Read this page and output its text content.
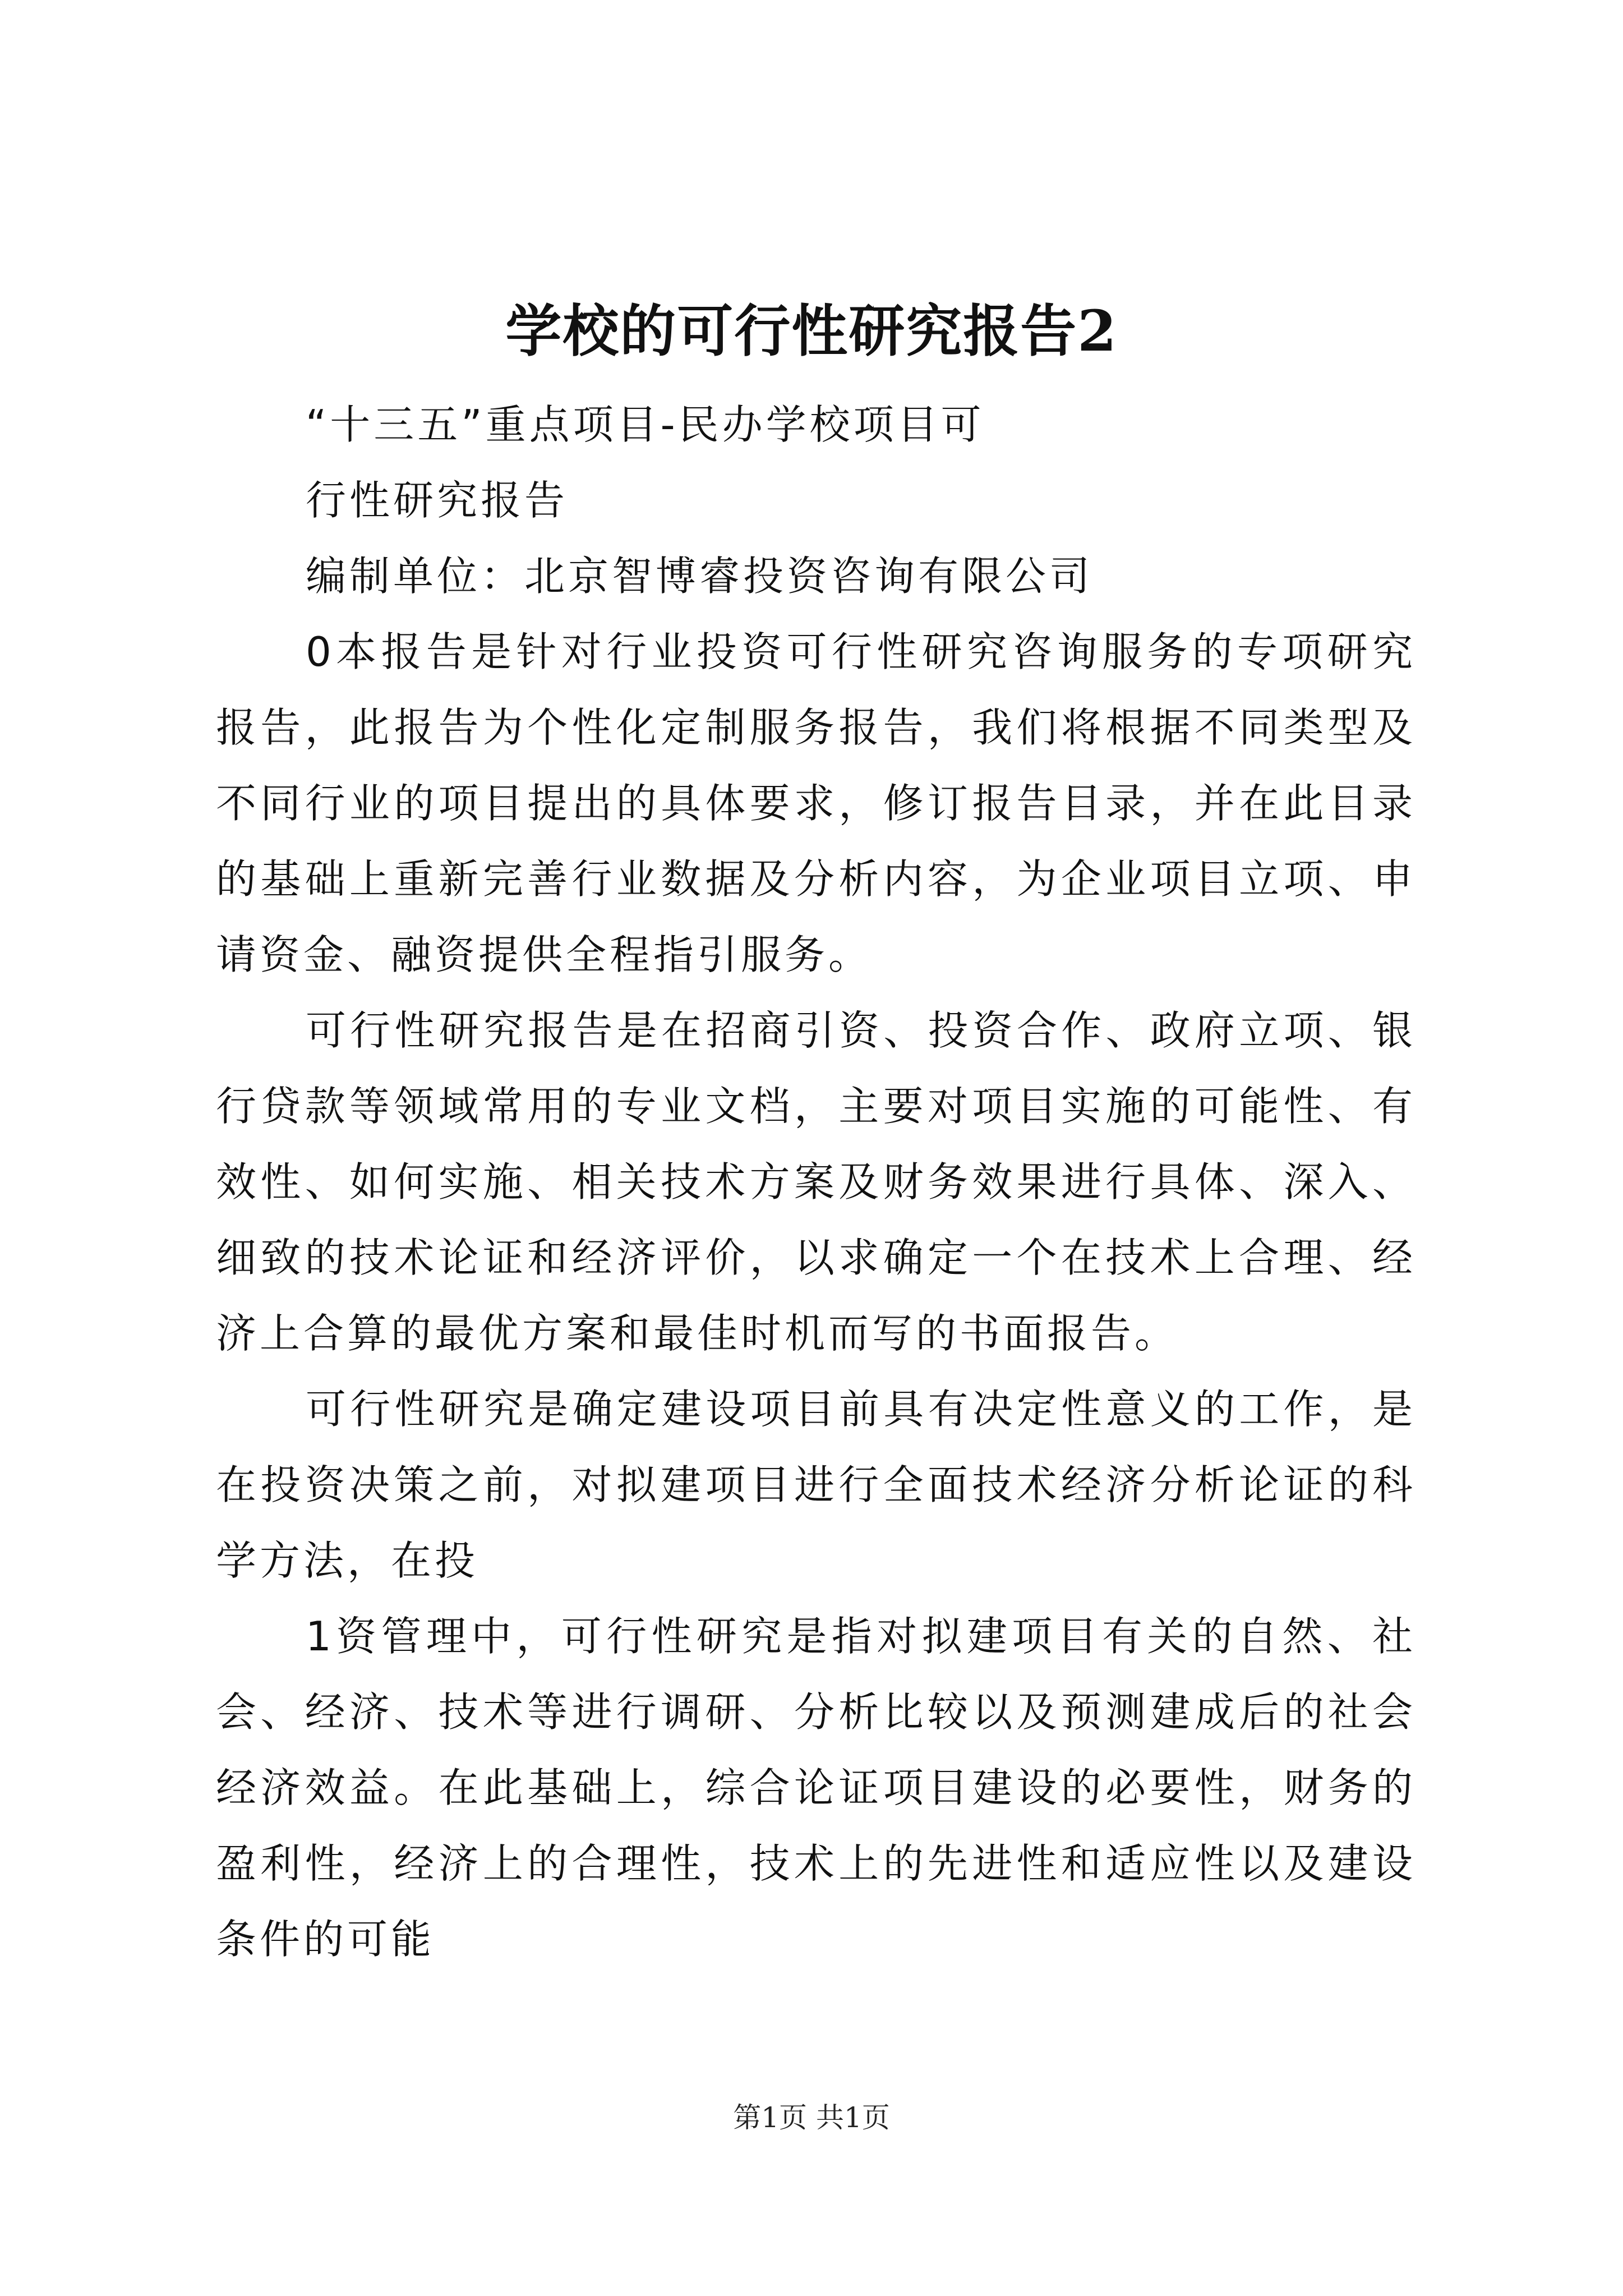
学校的可行性研究报告2

“十三五”重点项目-民办学校项目可

行性研究报告

编制单位：北京智博睿投资咨询有限公司

0本报告是针对行业投资可行性研究咨询服务的专项研究报告，此报告为个性化定制服务报告，我们将根据不同类型及不同行业的项目提出的具体要求，修订报告目录，并在此目录的基础上重新完善行业数据及分析内容，为企业项目立项、申请资金、融资提供全程指引服务。

可行性研究报告是在招商引资、投资合作、政府立项、银行贷款等领域常用的专业文档，主要对项目实施的可能性、有效性、如何实施、相关技术方案及财务效果进行具体、深入、细致的技术论证和经济评价，以求确定一个在技术上合理、经济上合算的最优方案和最佳时机而写的书面报告。

可行性研究是确定建设项目前具有决定性意义的工作，是在投资决策之前，对拟建项目进行全面技术经济分析论证的科学方法，在投

1资管理中，可行性研究是指对拟建项目有关的自然、社会、经济、技术等进行调研、分析比较以及预测建成后的社会经济效益。在此基础上，综合论证项目建设的必要性，财务的盈利性，经济上的合理性，技术上的先进性和适应性以及建设条件的可能

第1页 共1页
